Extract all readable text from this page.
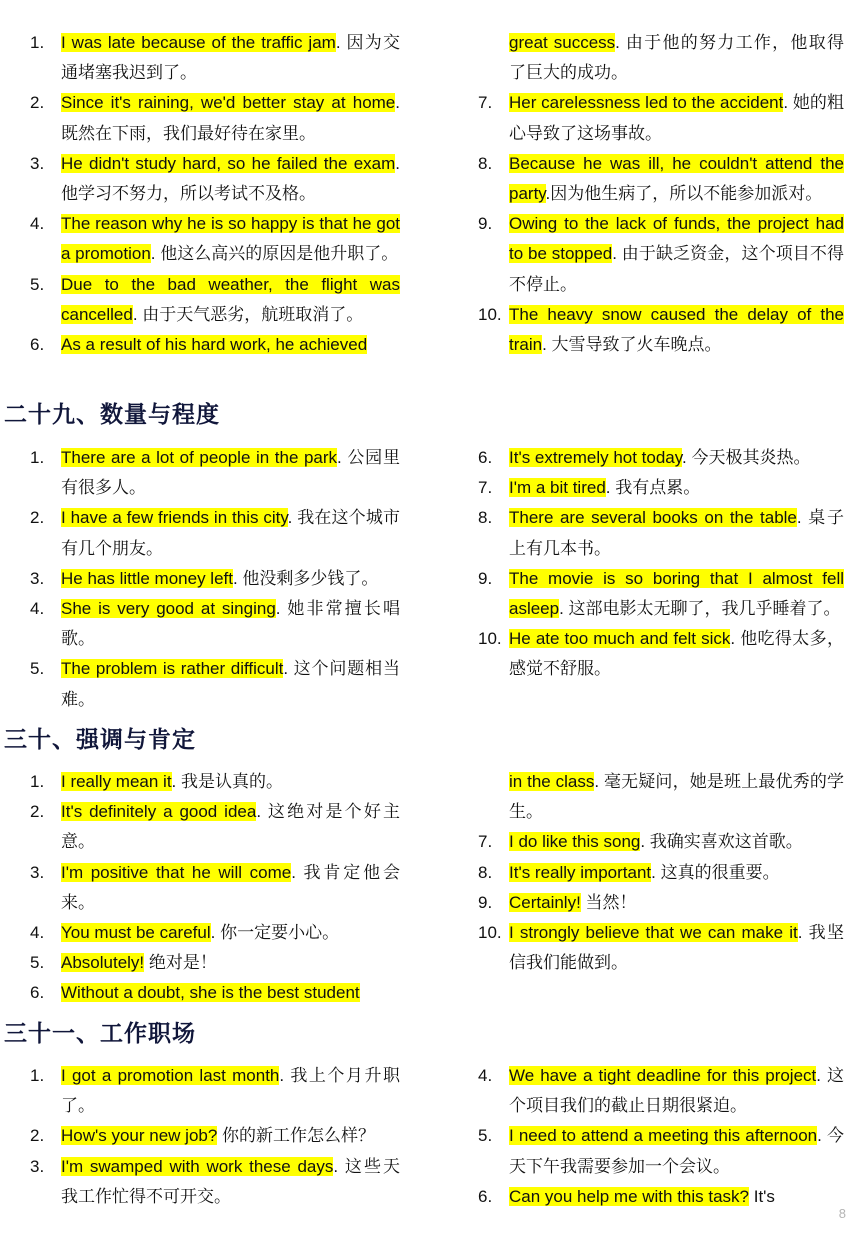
1. I was late because of the traffic jam. 因为交通堵塞我迟到了。
2. Since it's raining, we'd better stay at home. 既然在下雨，我们最好待在家里。
3. He didn't study hard, so he failed the exam. 他学习不努力，所以考试不及格。
4. The reason why he is so happy is that he got a promotion. 他这么高兴的原因是他升职了。
5. Due to the bad weather, the flight was cancelled. 由于天气恶劣，航班取消了。
6. As a result of his hard work, he achieved
great success. 由于他的努力工作，他取得了巨大的成功。
7. Her carelessness led to the accident. 她的粗心导致了这场事故。
8. Because he was ill, he couldn't attend the party.因为他生病了，所以不能参加派对。
9. Owing to the lack of funds, the project had to be stopped. 由于缺乏资金，这个项目不得不停止。
10. The heavy snow caused the delay of the train. 大雪导致了火车晚点。
二十九、数量与程度
1. There are a lot of people in the park. 公园里有很多人。
2. I have a few friends in this city. 我在这个城市有几个朋友。
3. He has little money left. 他没剩多少钱了。
4. She is very good at singing. 她非常擅长唱歌。
5. The problem is rather difficult. 这个问题相当难。
6. It's extremely hot today. 今天极其炎热。
7. I'm a bit tired. 我有点累。
8. There are several books on the table. 桌子上有几本书。
9. The movie is so boring that I almost fell asleep. 这部电影太无聊了，我几乎睡着了。
10. He ate too much and felt sick. 他吃得太多，感觉不舒服。
三十、强调与肯定
1. I really mean it. 我是认真的。
2. It's definitely a good idea. 这绝对是个好主意。
3. I'm positive that he will come. 我肯定他会来。
4. You must be careful. 你一定要小心。
5. Absolutely! 绝对是！
6. Without a doubt, she is the best student
in the class. 毫无疑问，她是班上最优秀的学生。
7. I do like this song. 我确实喜欢这首歌。
8. It's really important. 这真的很重要。
9. Certainly! 当然！
10. I strongly believe that we can make it. 我坚信我们能做到。
三十一、工作职场
1. I got a promotion last month. 我上个月升职了。
2. How's your new job? 你的新工作怎么样？
3. I'm swamped with work these days. 这些天我工作忙得不可开交。
4. We have a tight deadline for this project. 这个项目我们的截止日期很紧迫。
5. I need to attend a meeting this afternoon. 今天下午我需要参加一个会议。
6. Can you help me with this task? It's
8
